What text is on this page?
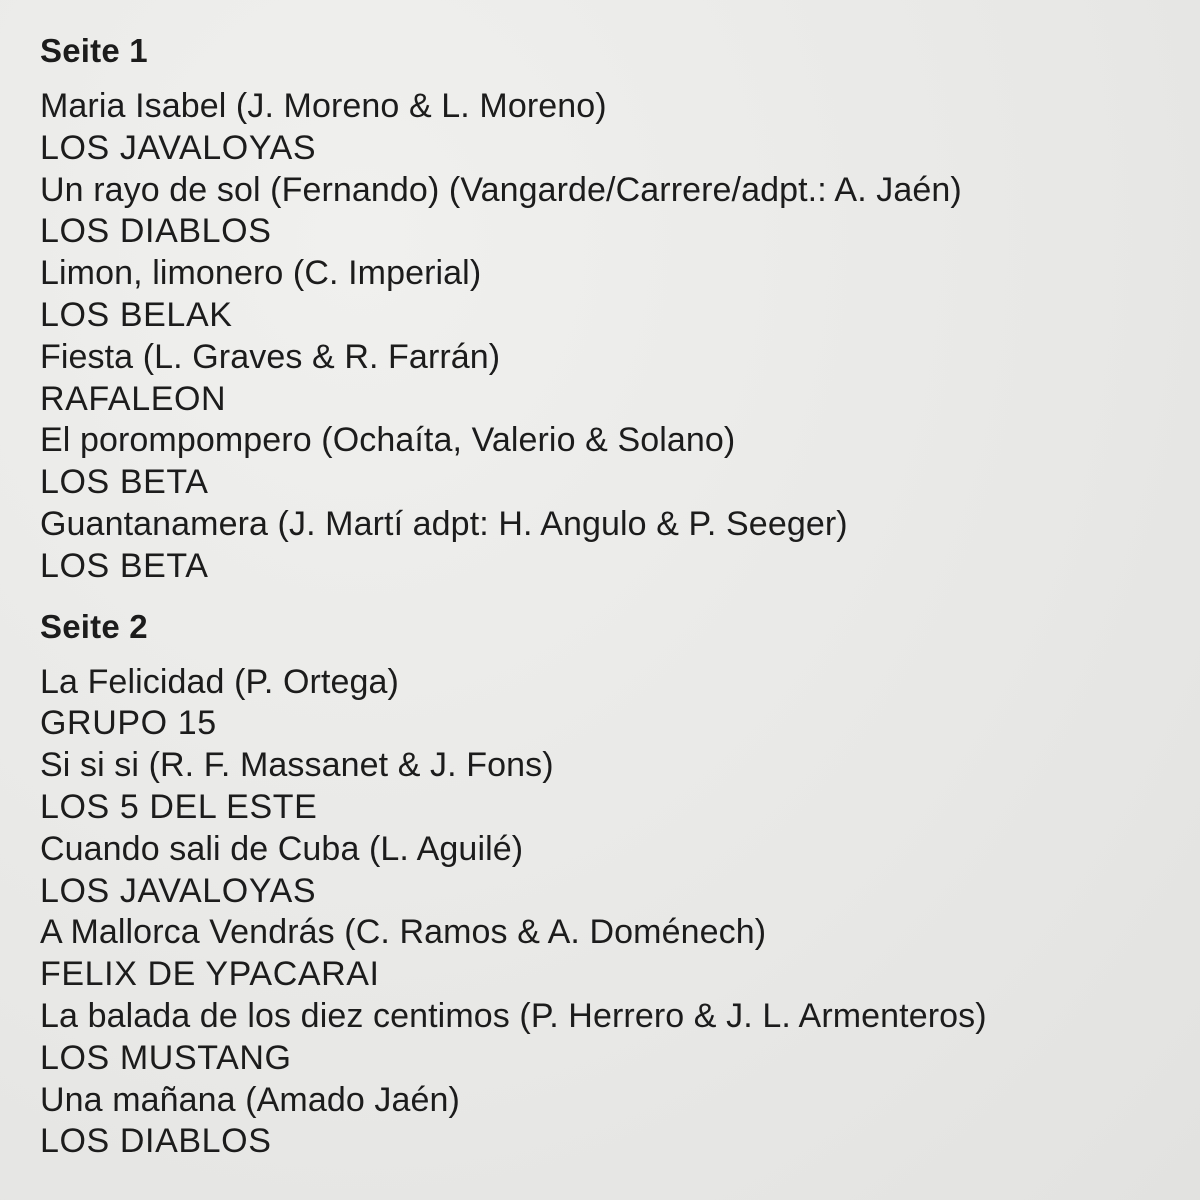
Seite 1
Maria Isabel (J. Moreno & L. Moreno)
LOS JAVALOYAS
Un rayo de sol (Fernando) (Vangarde/Carrere/adpt.: A. Jaén)
LOS DIABLOS
Limon, limonero (C. Imperial)
LOS BELAK
Fiesta (L. Graves & R. Farrán)
RAFALEON
El porompompero (Ochaíta, Valerio & Solano)
LOS BETA
Guantanamera (J. Martí adpt: H. Angulo & P. Seeger)
LOS BETA
Seite 2
La Felicidad (P. Ortega)
GRUPO 15
Si si si (R. F. Massanet & J. Fons)
LOS 5 DEL ESTE
Cuando sali de Cuba (L. Aguilé)
LOS JAVALOYAS
A Mallorca Vendrás (C. Ramos & A. Doménech)
FELIX DE YPACARAI
La balada de los diez centimos (P. Herrero & J. L. Armenteros)
LOS MUSTANG
Una mañana (Amado Jaén)
LOS DIABLOS
